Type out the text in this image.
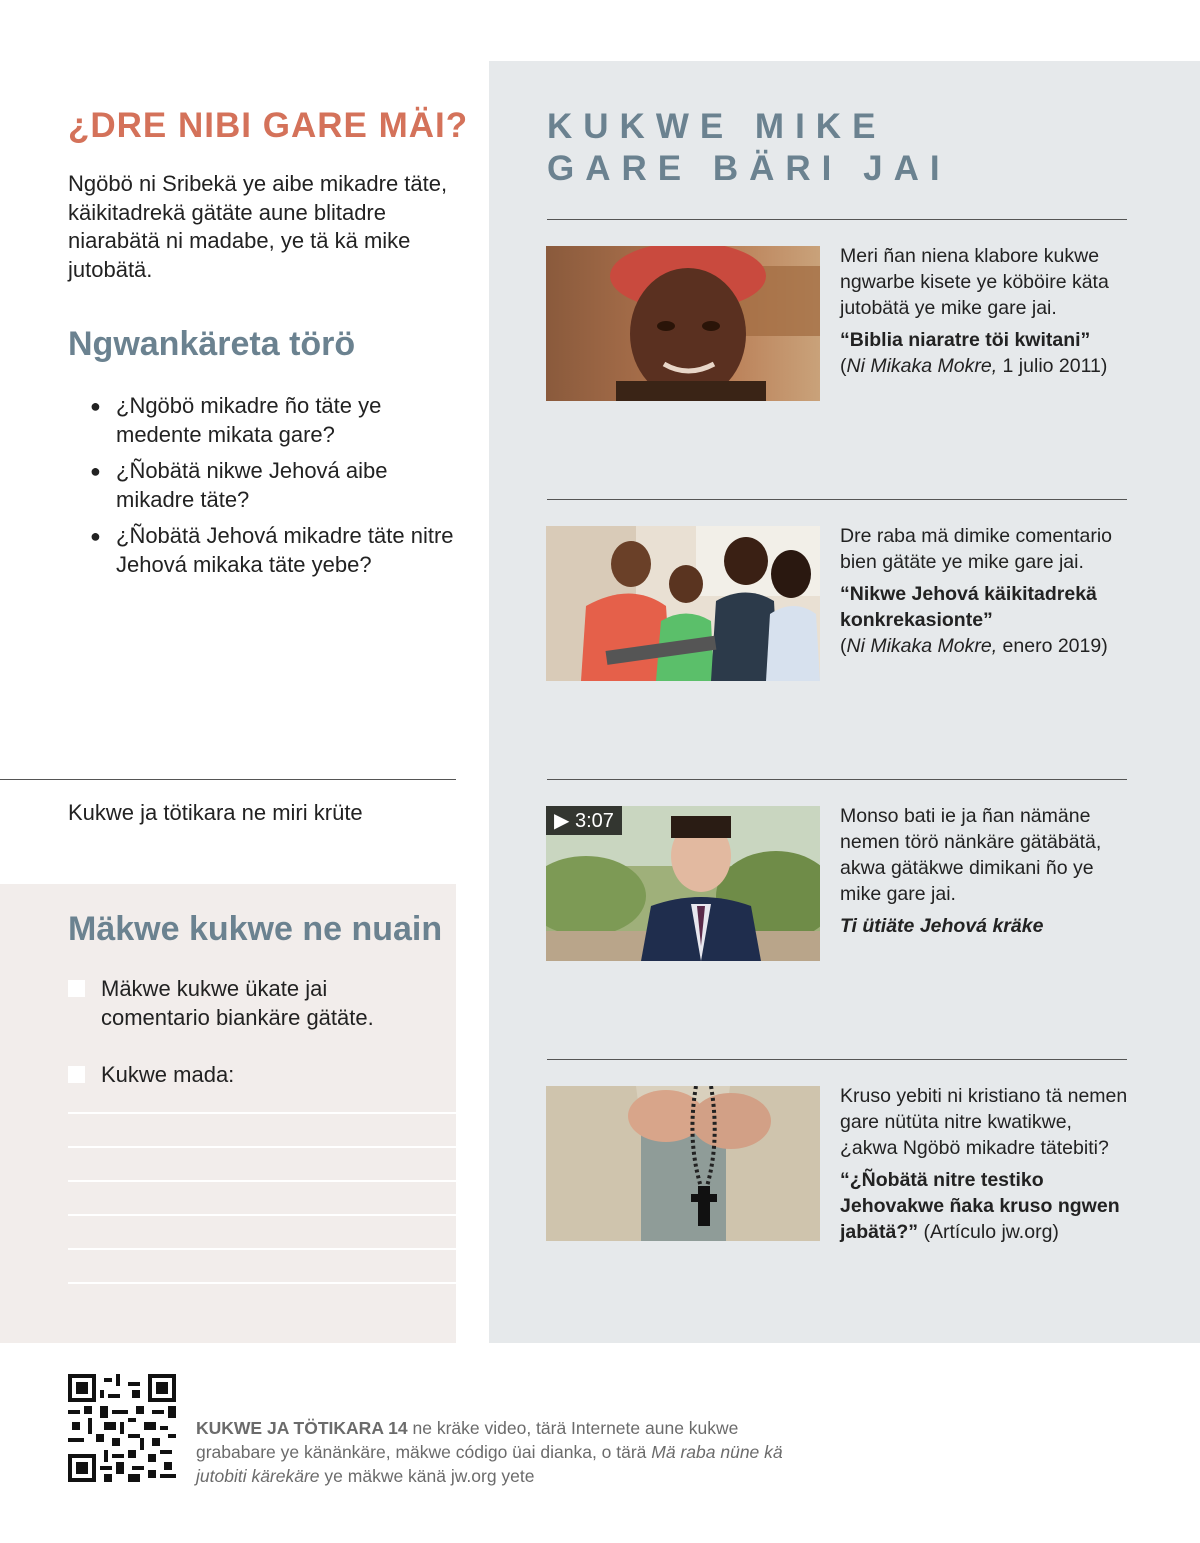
¿DRE NIBI GARE MÄI?
Ngöbö ni Sribekä ye aibe mikadre täte, käikitadrekä gätäte aune blitadre niarabätä ni madabe, ye tä kä mike jutobätä.
Ngwankäreta törö
● ¿Ngöbö mikadre ño täte ye medente mikata gare?
● ¿Ñobätä nikwe Jehová aibe mikadre täte?
● ¿Ñobätä Jehová mikadre täte nitre Jehová mikaka täte yebe?
Kukwe ja tötikara ne miri krüte
Mäkwe kukwe ne nuain
Mäkwe kukwe ükate jai comentario biankäre gätäte.
Kukwe mada:
KUKWE MIKE
GARE BÄRI JAI
Meri ñan niena klabore kukwe ngwarbe kisete ye köböire käta jutobätä ye mike gare jai.
“Biblia niaratre töi kwitani”
(Ni Mikaka Mokre, 1 julio 2011)
Dre raba mä dimike comentario bien gätäte ye mike gare jai.
“Nikwe Jehová käikitadrekä konkrekasionte”
(Ni Mikaka Mokre, enero 2019)
▶ 3:07	Monso bati ie ja ñan nämäne nemen törö nänkäre gätäbätä, akwa gätäkwe dimikani ño ye mike gare jai.
Ti ütiäte Jehová kräke
Kruso yebiti ni kristiano tä nemen gare nütüta nitre kwatikwe, ¿akwa Ngöbö mikadre tätebiti?
“¿Ñobätä nitre testiko Jehovakwe ñaka kruso ngwen jabätä?” (Artículo jw.org)
KUKWE JA TÖTIKARA 14 ne kräke video, tärä Internete aune kukwe grababare ye känänkäre, mäkwe código üai dianka, o tärä Mä raba nüne kä jutobiti kärekäre ye mäkwe känä jw.org yete
